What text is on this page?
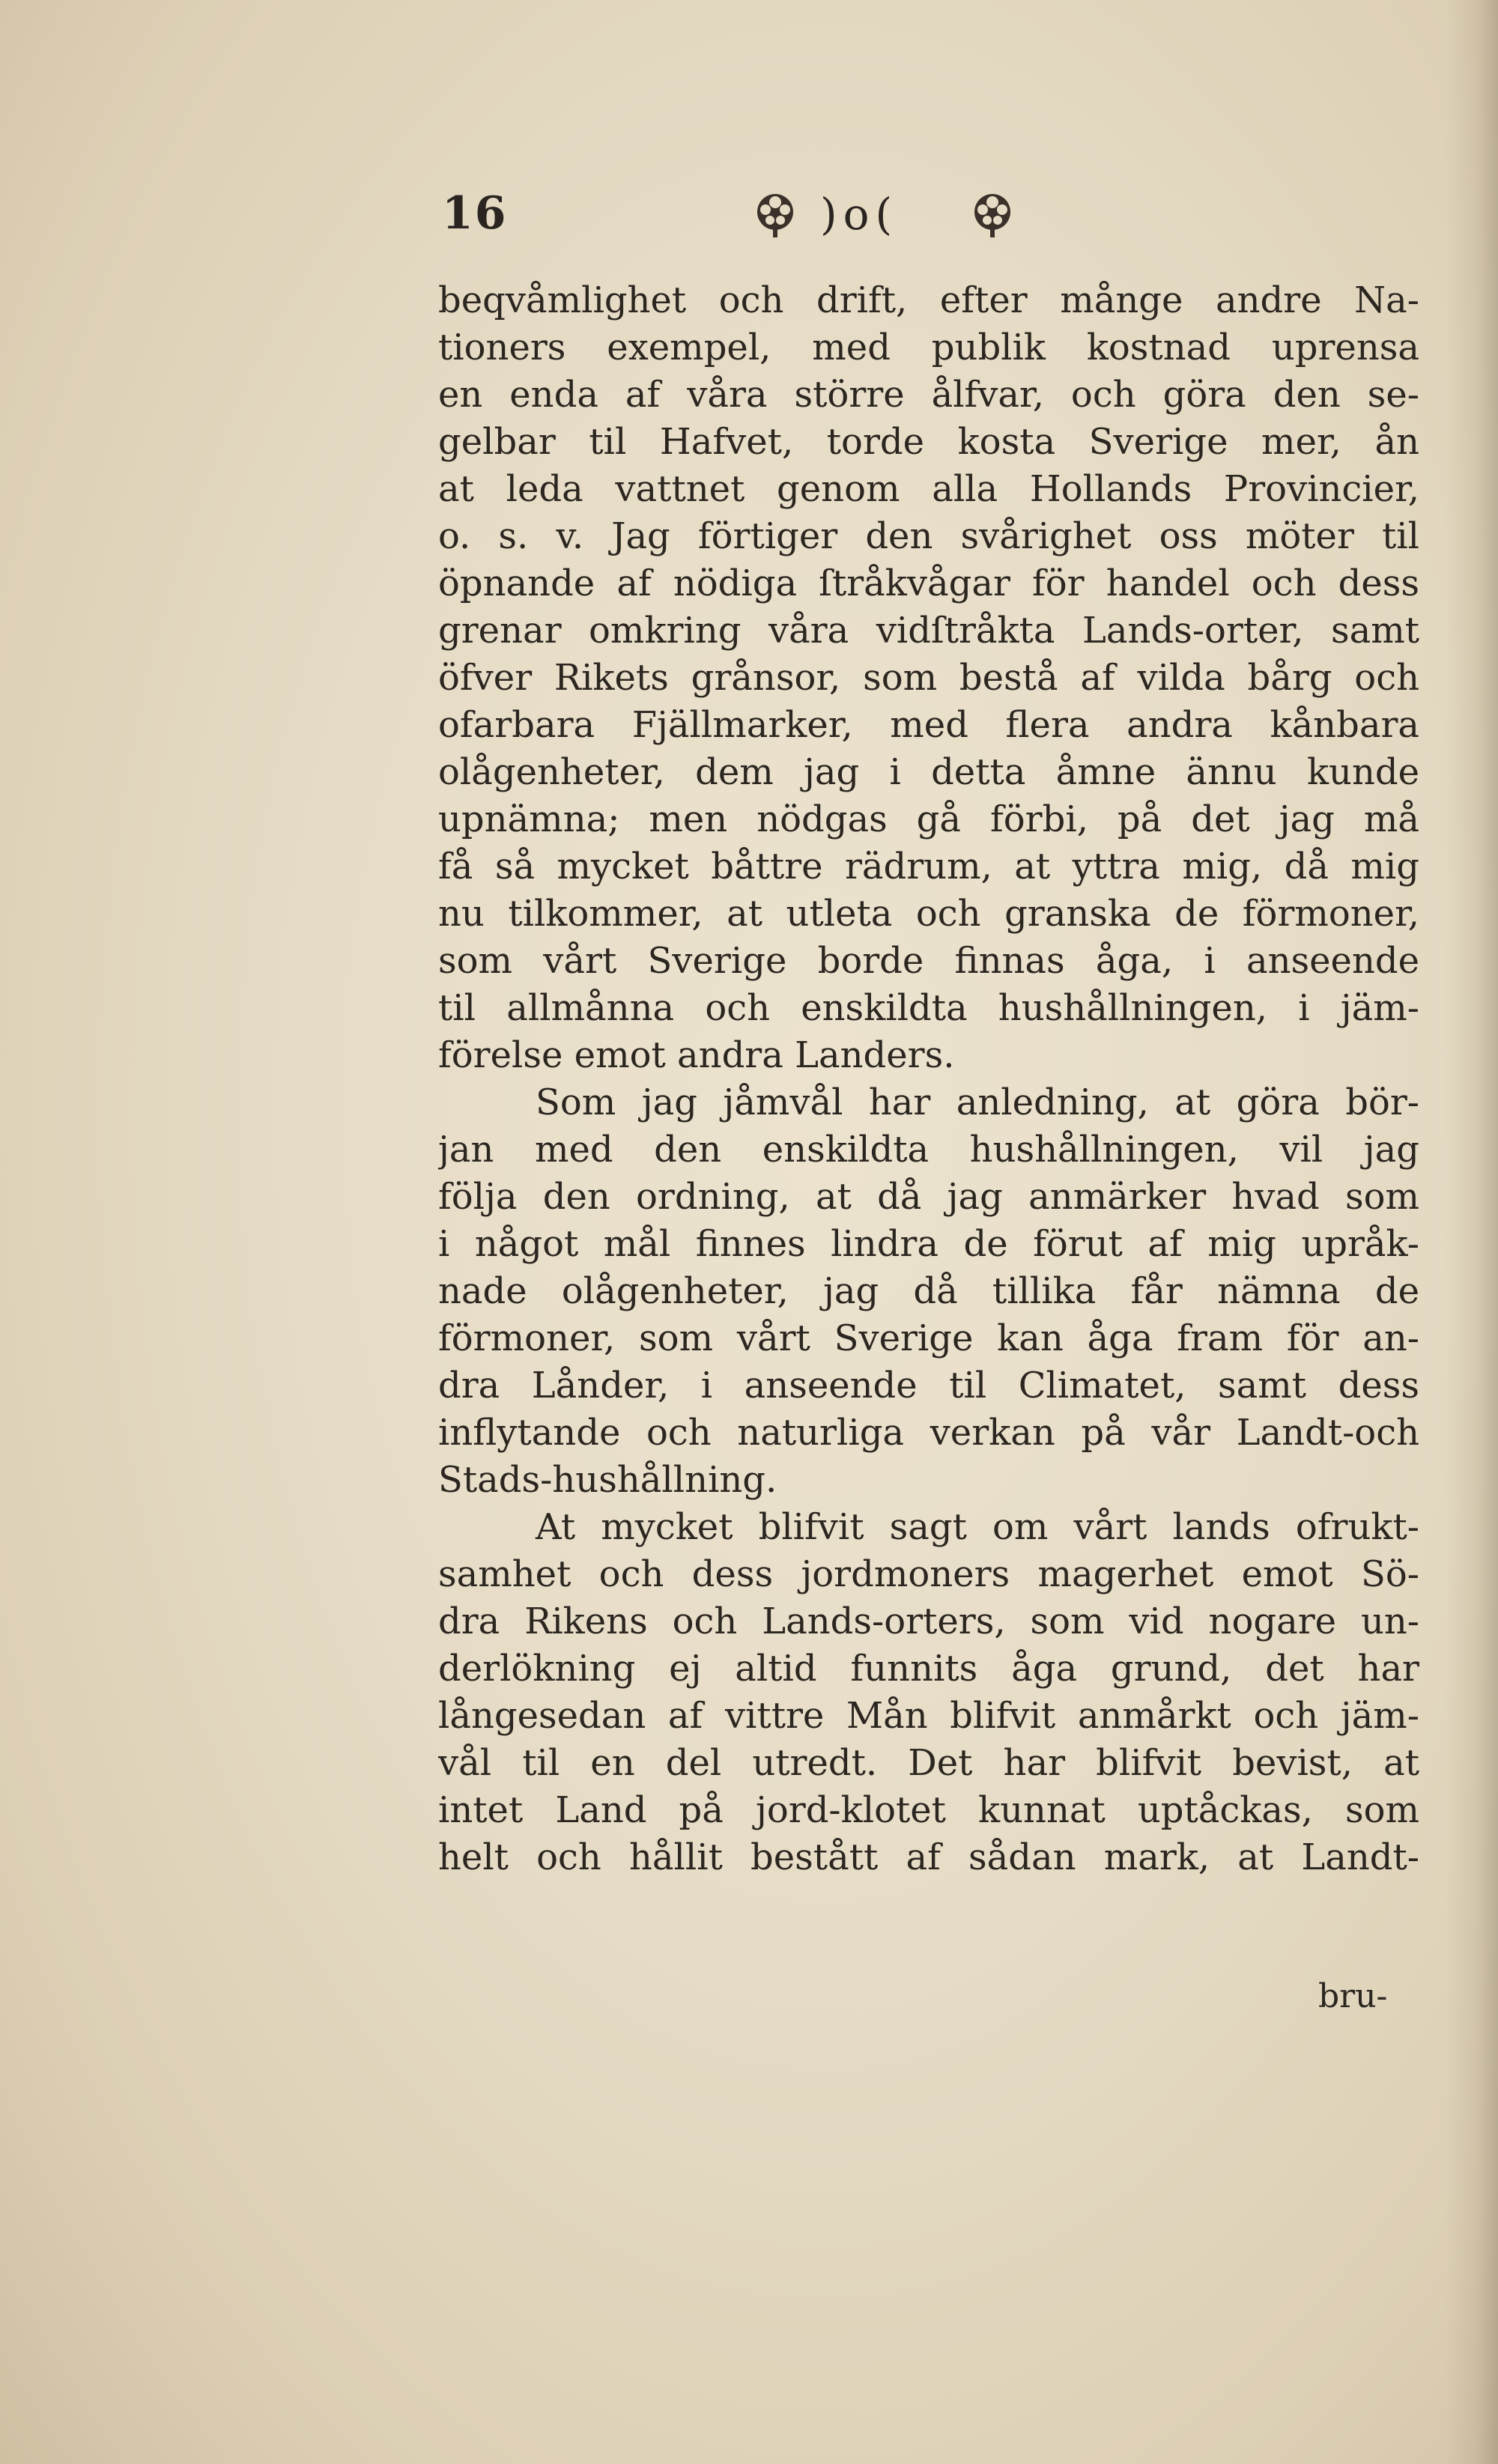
16	)o(
beqvåmlighet och drift, efter månge andre Na-
tioners exempel, med publik kostnad uprensa
en enda af våra större ålfvar, och göra den se-
gelbar til Hafvet, torde kosta Sverige mer, ån
at leda vattnet genom alla Hollands Provincier,
o. s. v. Jag förtiger den svårighet oss möter til
öpnande af nödiga ſtråkvågar för handel och dess
grenar omkring våra vidſtråkta Lands-orter, samt
öfver Rikets grånsor, som bestå af vilda bårg och
ofarbara Fjällmarker, med flera andra kånbara
olågenheter, dem jag i detta åmne ännu kunde
upnämna; men nödgas gå förbi, på det jag må
få så mycket båttre rädrum, at yttra mig, då mig
nu tilkommer, at utleta och granska de förmoner,
som vårt Sverige borde finnas åga, i anseende
til allmånna och enskildta hushållningen, i jäm-
förelse emot andra Landers.
Som jag jåmvål har anledning, at göra bör-
jan med den enskildta hushållningen, vil jag
följa den ordning, at då jag anmärker hvad som
i något mål finnes lindra de förut af mig upråk-
nade olågenheter, jag då tillika får nämna de
förmoner, som vårt Sverige kan åga fram för an-
dra Lånder, i anseende til Climatet, samt dess
inflytande och naturliga verkan på vår Landt-och
Stads-hushållning.
At mycket blifvit sagt om vårt lands ofrukt-
samhet och dess jordmoners magerhet emot Sö-
dra Rikens och Lands-orters, som vid nogare un-
derlökning ej altid funnits åga grund, det har
långesedan af vittre Mån blifvit anmårkt och jäm-
vål til en del utredt. Det har blifvit bevist, at
intet Land på jord-klotet kunnat uptåckas, som
helt och hållit bestått af sådan mark, at Landt-
bru-
